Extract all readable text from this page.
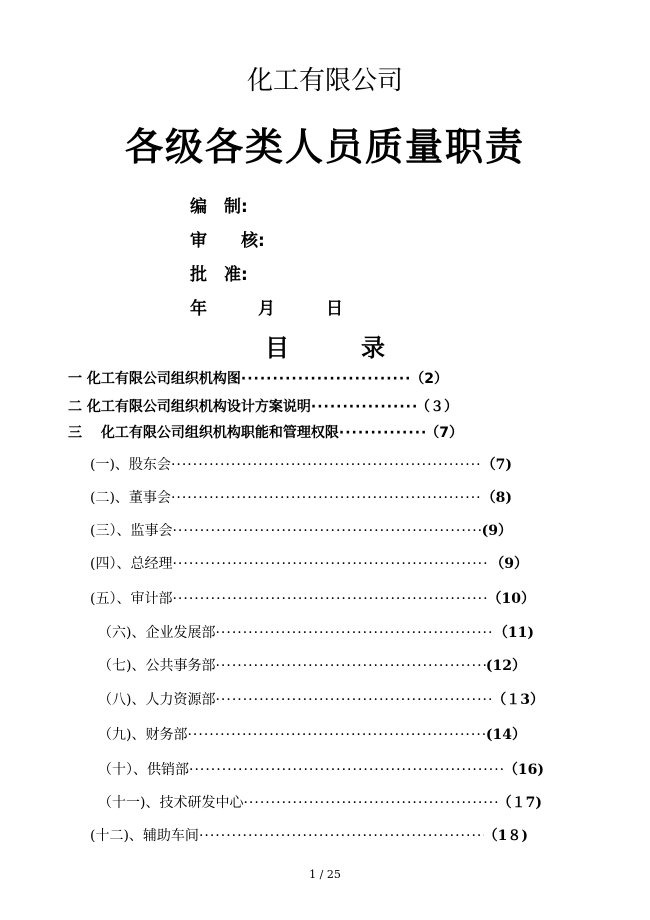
化工有限公司
各级各类人员质量职责
编　制:
审　　核:
批　准:
年　　　月　　　日
目　　　录
一 化工有限公司组织机构图 ·····	（2）
二 化工有限公司组织机构设计方案说明 ·····	（３）
三　 化工有限公司组织机构职能和管理权限 ·····	（7）
(一)、股东会 ·····	（7)
(二)、董事会 ·····	（8)
(三）、监事会 ·····	(9）
(四）、总经理 ·····	（9）
(五）、审计部 ·····	（10）
（六)、企业发展部 ·····	（11)
（七)、公共事务部 ·····	(12）
（八)、人力资源部 ·····	（１3）
（九)、财务部 ·····	(14）
（十）、供销部 ·····	（16)
（十一)、技术研发中心 ·····	（１7)
(十二)、辅助车间 ·····	（1８)
1 / 25
